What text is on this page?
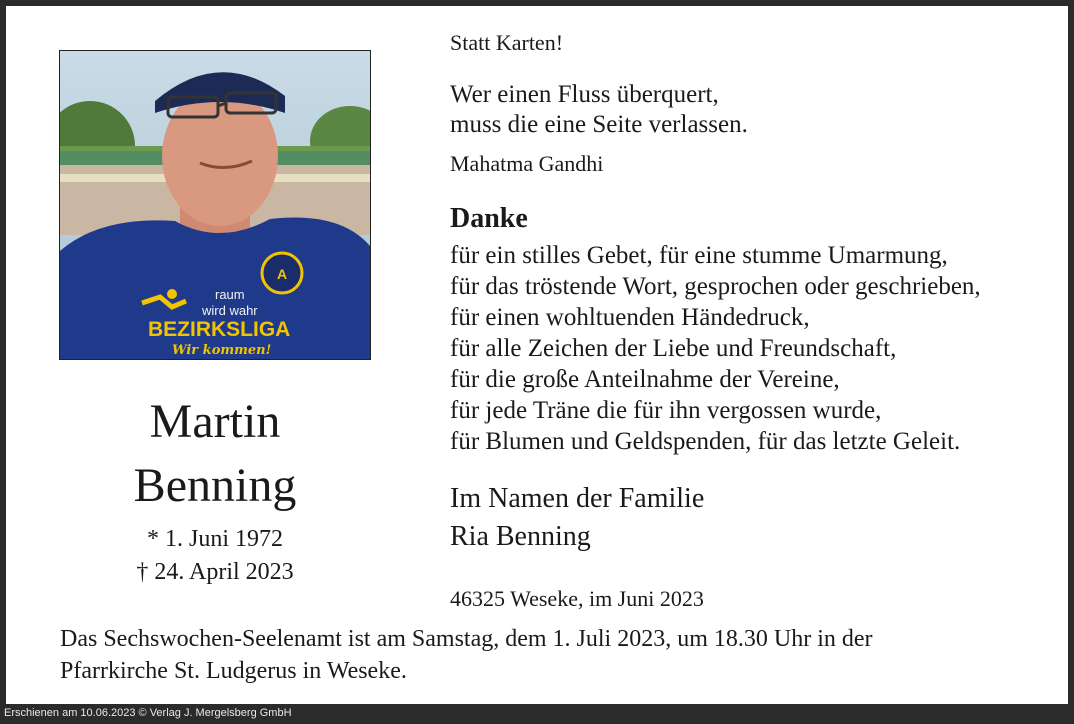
A
raum
wird wahr
BEZIRKSLIGA
Wir kommen!
Martin
Benning
* 1. Juni 1972
† 24. April 2023
Statt Karten!
Wer einen Fluss überquert,
muss die eine Seite verlassen.
Mahatma Gandhi
Danke
für ein stilles Gebet, für eine stumme Umarmung,
für das tröstende Wort, gesprochen oder geschrieben,
für einen wohltuenden Händedruck,
für alle Zeichen der Liebe und Freundschaft,
für die große Anteilnahme der Vereine,
für jede Träne die für ihn vergossen wurde,
für Blumen und Geldspenden, für das letzte Geleit.
Im Namen der Familie
Ria Benning
46325 Weseke, im Juni 2023
Das Sechswochen-Seelenamt ist am Samstag, dem 1. Juli 2023, um 18.30 Uhr in der
Pfarrkirche St. Ludgerus in Weseke.
Erschienen am 10.06.2023 © Verlag J. Mergelsberg GmbH
